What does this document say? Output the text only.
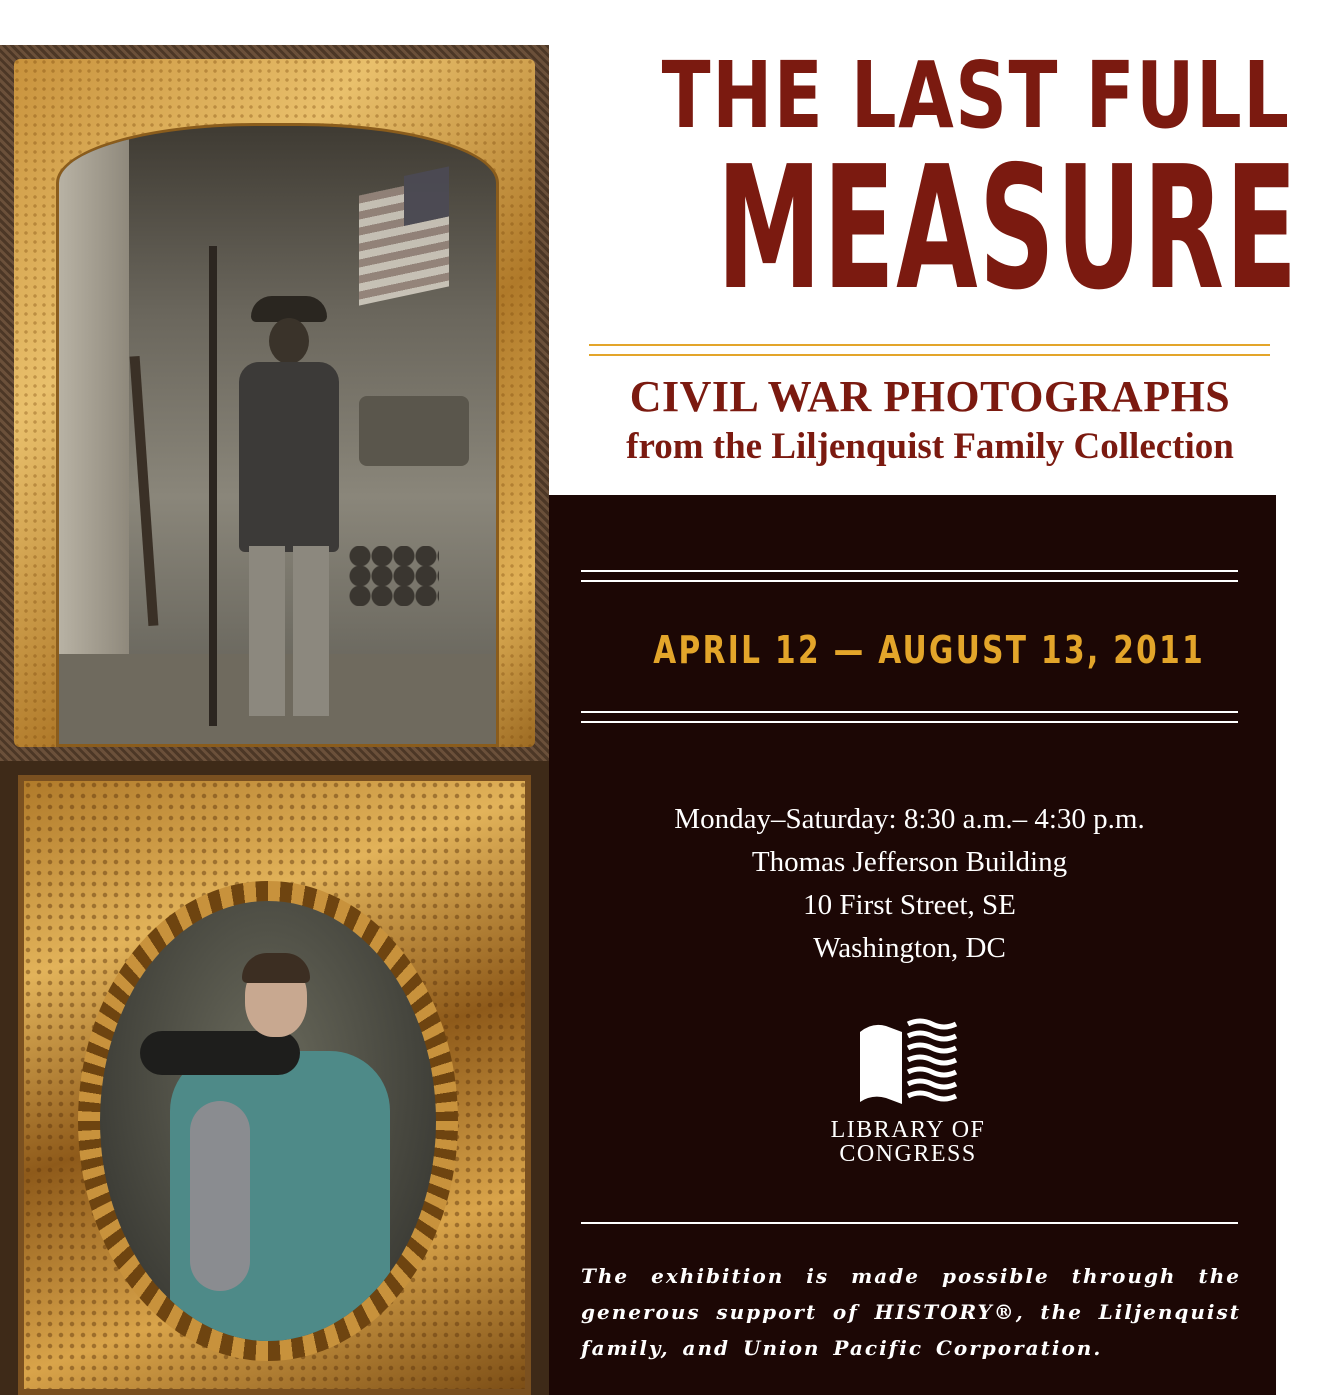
THE LAST FULL
MEASURE
CIVIL WAR PHOTOGRAPHS
from the Liljenquist Family Collection
APRIL 12 — AUGUST 13, 2011
Monday–Saturday: 8:30 a.m.– 4:30 p.m.
Thomas Jefferson Building
10 First Street, SE
Washington, DC
LIBRARY OF
CONGRESS
The exhibition is made possible through the generous support of HISTORY®, the Liljenquist family, and Union Pacific Corporation.
